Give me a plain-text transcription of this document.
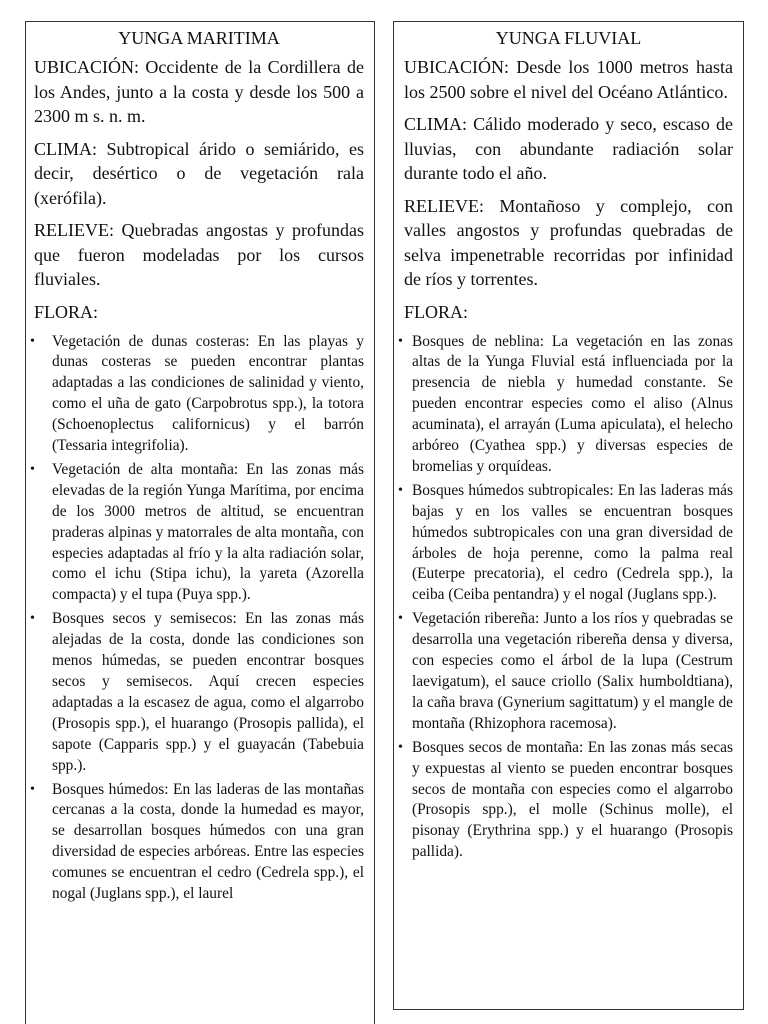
YUNGA MARITIMA
UBICACIÓN: Occidente de la Cordillera de los Andes, junto a la costa y desde los 500 a 2300 m s. n. m.
CLIMA: Subtropical árido o semiárido, es decir, desértico o de vegetación rala (xerófila).
RELIEVE: Quebradas angostas y profundas que fueron modeladas por los cursos fluviales.
FLORA:
• Vegetación de dunas costeras: En las playas y dunas costeras se pueden encontrar plantas adaptadas a las condiciones de salinidad y viento, como el uña de gato (Carpobrotus spp.), la totora (Schoenoplectus californicus) y el barrón (Tessaria integrifolia).
• Vegetación de alta montaña: En las zonas más elevadas de la región Yunga Marítima, por encima de los 3000 metros de altitud, se encuentran praderas alpinas y matorrales de alta montaña, con especies adaptadas al frío y la alta radiación solar, como el ichu (Stipa ichu), la yareta (Azorella compacta) y el tupa (Puya spp.).
• Bosques secos y semisecos: En las zonas más alejadas de la costa, donde las condiciones son menos húmedas, se pueden encontrar bosques secos y semisecos. Aquí crecen especies adaptadas a la escasez de agua, como el algarrobo (Prosopis spp.), el huarango (Prosopis pallida), el sapote (Capparis spp.) y el guayacán (Tabebuia spp.).
• Bosques húmedos: En las laderas de las montañas cercanas a la costa, donde la humedad es mayor, se desarrollan bosques húmedos con una gran diversidad de especies arbóreas. Entre las especies comunes se encuentran el cedro (Cedrela spp.), el nogal (Juglans spp.), el laurel
YUNGA FLUVIAL
UBICACIÓN: Desde los 1000 metros hasta los 2500 sobre el nivel del Océano Atlántico.
CLIMA: Cálido moderado y seco, escaso de lluvias, con abundante radiación solar durante todo el año.
RELIEVE: Montañoso y complejo, con valles angostos y profundas quebradas de selva impenetrable recorridas por infinidad de ríos y torrentes.
FLORA:
• Bosques de neblina: La vegetación en las zonas altas de la Yunga Fluvial está influenciada por la presencia de niebla y humedad constante. Se pueden encontrar especies como el aliso (Alnus acuminata), el arrayán (Luma apiculata), el helecho arbóreo (Cyathea spp.) y diversas especies de bromelias y orquídeas.
• Bosques húmedos subtropicales: En las laderas más bajas y en los valles se encuentran bosques húmedos subtropicales con una gran diversidad de árboles de hoja perenne, como la palma real (Euterpe precatoria), el cedro (Cedrela spp.), la ceiba (Ceiba pentandra) y el nogal (Juglans spp.).
• Vegetación ribereña: Junto a los ríos y quebradas se desarrolla una vegetación ribereña densa y diversa, con especies como el árbol de la lupa (Cestrum laevigatum), el sauce criollo (Salix humboldtiana), la caña brava (Gynerium sagittatum) y el mangle de montaña (Rhizophora racemosa).
• Bosques secos de montaña: En las zonas más secas y expuestas al viento se pueden encontrar bosques secos de montaña con especies como el algarrobo (Prosopis spp.), el molle (Schinus molle), el pisonay (Erythrina spp.) y el huarango (Prosopis pallida).
